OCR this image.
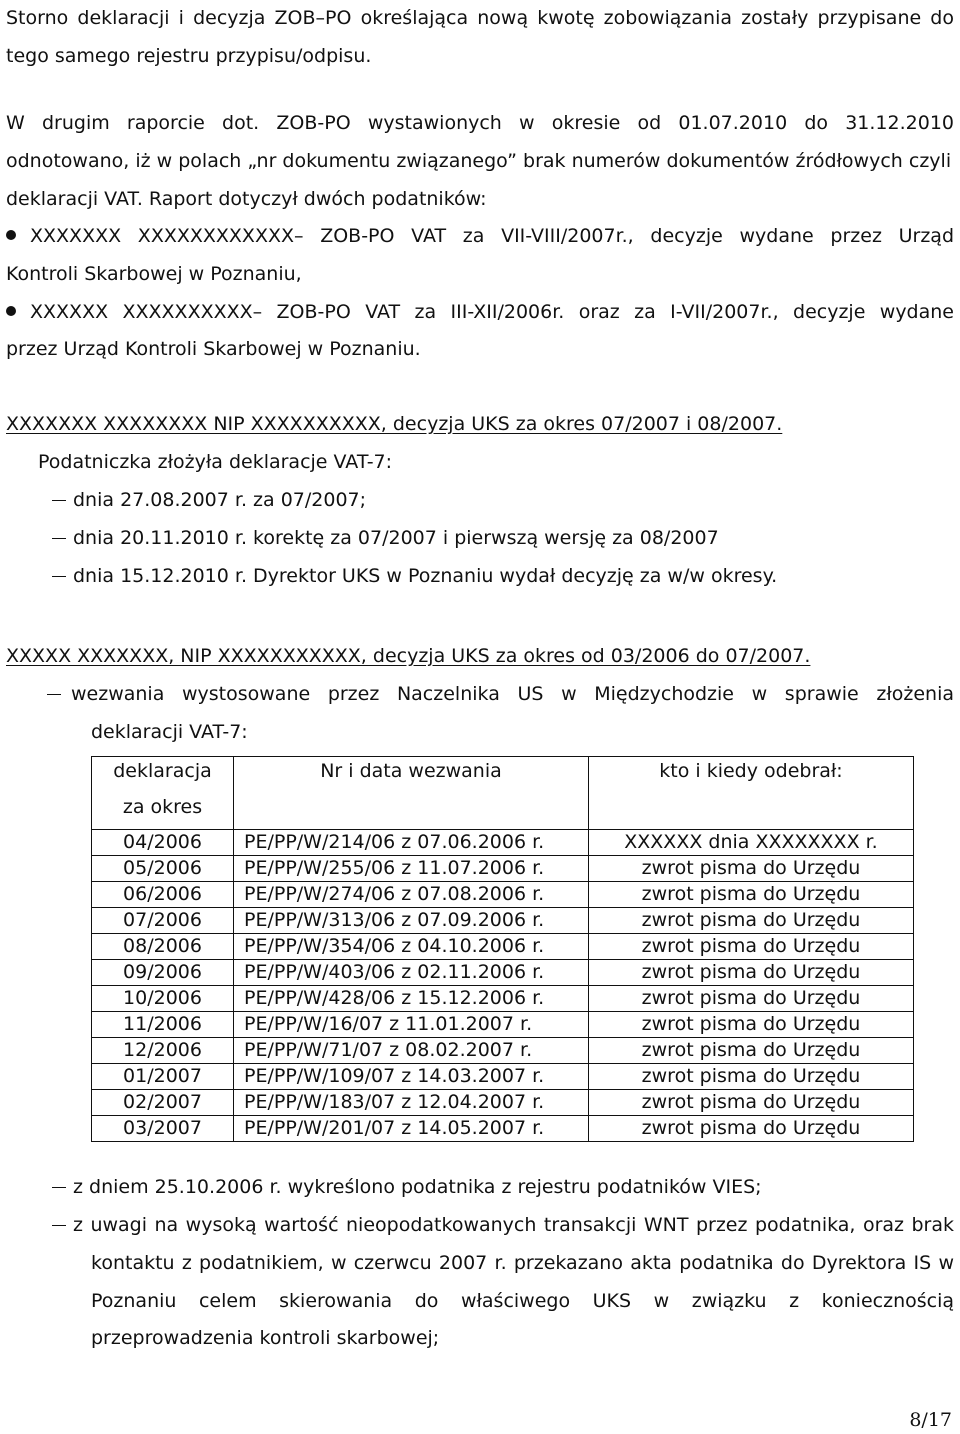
Storno deklaracji i decyzja ZOB–PO określająca nową kwotę zobowiązania zostały przypisane do
tego samego rejestru przypisu/odpisu.
W drugim raporcie dot. ZOB-PO wystawionych w okresie od 01.07.2010 do 31.12.2010
odnotowano, iż w polach „nr dokumentu związanego” brak numerów dokumentów źródłowych czyli
deklaracji VAT. Raport dotyczył dwóch podatników:
XXXXXXX XXXXXXXXXXXX– ZOB-PO VAT za VII-VIII/2007r., decyzje wydane przez Urząd
Kontroli Skarbowej w Poznaniu,
XXXXXX XXXXXXXXXX– ZOB-PO VAT za III-XII/2006r. oraz za I-VII/2007r., decyzje wydane
przez Urząd Kontroli Skarbowej w Poznaniu.
XXXXXXX XXXXXXXX NIP XXXXXXXXXX, decyzja UKS za okres 07/2007 i 08/2007.
Podatniczka złożyła deklaracje VAT-7:
dnia 27.08.2007 r. za 07/2007;
dnia 20.11.2010 r. korektę za 07/2007 i pierwszą wersję za 08/2007
dnia 15.12.2010 r. Dyrektor UKS w Poznaniu wydał decyzję za w/w okresy.
XXXXX XXXXXXX, NIP XXXXXXXXXXX, decyzja UKS za okres od 03/2006 do 07/2007.
wezwania wystosowane przez Naczelnika US w Międzychodzie w sprawie złożenia
deklaracji VAT-7:
deklaracja
za okres	Nr i data wezwania	kto i kiedy odebrał:

04/2006	PE/PP/W/214/06 z 07.06.2006 r.	XXXXXX dnia XXXXXXXX r.
05/2006	PE/PP/W/255/06 z 11.07.2006 r.	zwrot pisma do Urzędu
06/2006	PE/PP/W/274/06 z 07.08.2006 r.	zwrot pisma do Urzędu
07/2006	PE/PP/W/313/06 z 07.09.2006 r.	zwrot pisma do Urzędu
08/2006	PE/PP/W/354/06 z 04.10.2006 r.	zwrot pisma do Urzędu
09/2006	PE/PP/W/403/06 z 02.11.2006 r.	zwrot pisma do Urzędu
10/2006	PE/PP/W/428/06 z 15.12.2006 r.	zwrot pisma do Urzędu
11/2006	PE/PP/W/16/07 z 11.01.2007 r.	zwrot pisma do Urzędu
12/2006	PE/PP/W/71/07 z 08.02.2007 r.	zwrot pisma do Urzędu
01/2007	PE/PP/W/109/07 z 14.03.2007 r.	zwrot pisma do Urzędu
02/2007	PE/PP/W/183/07 z 12.04.2007 r.	zwrot pisma do Urzędu
03/2007	PE/PP/W/201/07 z 14.05.2007 r.	zwrot pisma do Urzędu
z dniem 25.10.2006 r. wykreślono podatnika z rejestru podatników VIES;
z uwagi na wysoką wartość nieopodatkowanych transakcji WNT przez podatnika, oraz brak
kontaktu z podatnikiem, w czerwcu 2007 r. przekazano akta podatnika do Dyrektora IS w
Poznaniu celem skierowania do właściwego UKS w związku z koniecznością
przeprowadzenia kontroli skarbowej;
8/17
